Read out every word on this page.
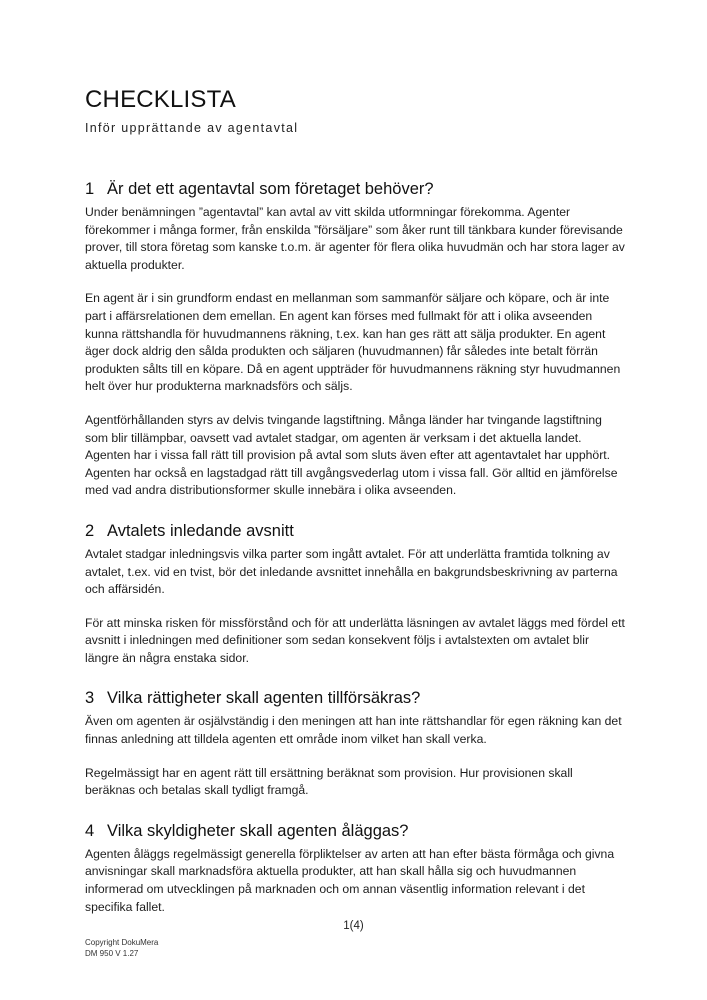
CHECKLISTA

Inför upprättande av agentavtal

1 Är det ett agentavtal som företaget behöver?

Under benämningen ”agentavtal” kan avtal av vitt skilda utformningar förekomma. Agenter förekommer i många former, från enskilda ”försäljare” som åker runt till tänkbara kunder förevisande prover, till stora företag som kanske t.o.m. är agenter för flera olika huvudmän och har stora lager av aktuella produkter.

En agent är i sin grundform endast en mellanman som sammanför säljare och köpare, och är inte part i affärsrelationen dem emellan. En agent kan förses med fullmakt för att i olika avseenden kunna rättshandla för huvudmannens räkning, t.ex. kan han ges rätt att sälja produkter. En agent äger dock aldrig den sålda produkten och säljaren (huvudmannen) får således inte betalt förrän produkten sålts till en köpare. Då en agent uppträder för huvudmannens räkning styr huvudmannen helt över hur produkterna marknadsförs och säljs.

Agentförhållanden styrs av delvis tvingande lagstiftning. Många länder har tvingande lagstiftning som blir tillämpbar, oavsett vad avtalet stadgar, om agenten är verksam i det aktuella landet. Agenten har i vissa fall rätt till provision på avtal som sluts även efter att agentavtalet har upphört. Agenten har också en lagstadgad rätt till avgångsvederlag utom i vissa fall. Gör alltid en jämförelse med vad andra distributionsformer skulle innebära i olika avseenden.

2 Avtalets inledande avsnitt

Avtalet stadgar inledningsvis vilka parter som ingått avtalet. För att underlätta framtida tolkning av avtalet, t.ex. vid en tvist, bör det inledande avsnittet innehålla en bakgrundsbeskrivning av parterna och affärsidén.

För att minska risken för missförstånd och för att underlätta läsningen av avtalet läggs med fördel ett avsnitt i inledningen med definitioner som sedan konsekvent följs i avtalstexten om avtalet blir längre än några enstaka sidor.

3 Vilka rättigheter skall agenten tillförsäkras?

Även om agenten är osjälvständig i den meningen att han inte rättshandlar för egen räkning kan det finnas anledning att tilldela agenten ett område inom vilket han skall verka.

Regelmässigt har en agent rätt till ersättning beräknat som provision. Hur provisionen skall beräknas och betalas skall tydligt framgå.

4 Vilka skyldigheter skall agenten åläggas?

Agenten åläggs regelmässigt generella förpliktelser av arten att han efter bästa förmåga och givna anvisningar skall marknadsföra aktuella produkter, att han skall hålla sig och huvudmannen informerad om utvecklingen på marknaden och om annan väsentlig information relevant i det specifika fallet.

1(4)

Copyright DokuMera

DM 950 V 1.27
